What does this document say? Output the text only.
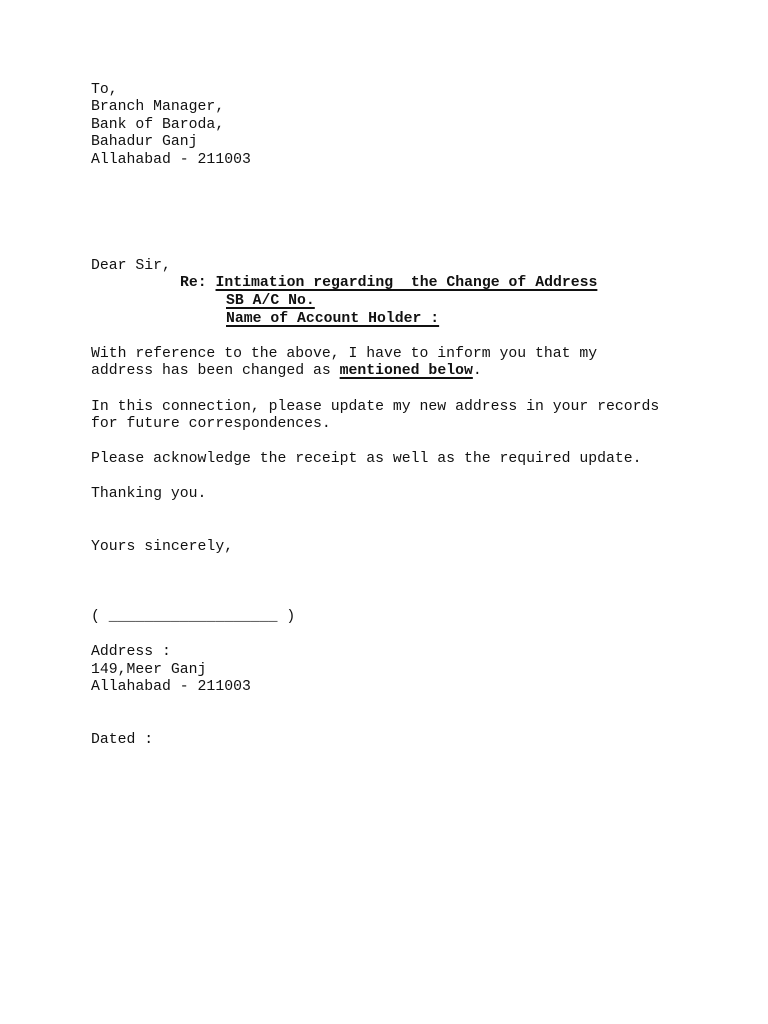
To,
Branch Manager,
Bank of Baroda,
Bahadur Ganj
Allahabad - 211003
Dear Sir,
Re: Intimation regarding  the Change of Address
SB A/C No.
Name of Account Holder :
With reference to the above, I have to inform you that my
address has been changed as mentioned below.
In this connection, please update my new address in your records
for future correspondences.
Please acknowledge the receipt as well as the required update.
Thanking you.
Yours sincerely,
( ___________________ )
Address :
149,Meer Ganj
Allahabad - 211003
Dated :
